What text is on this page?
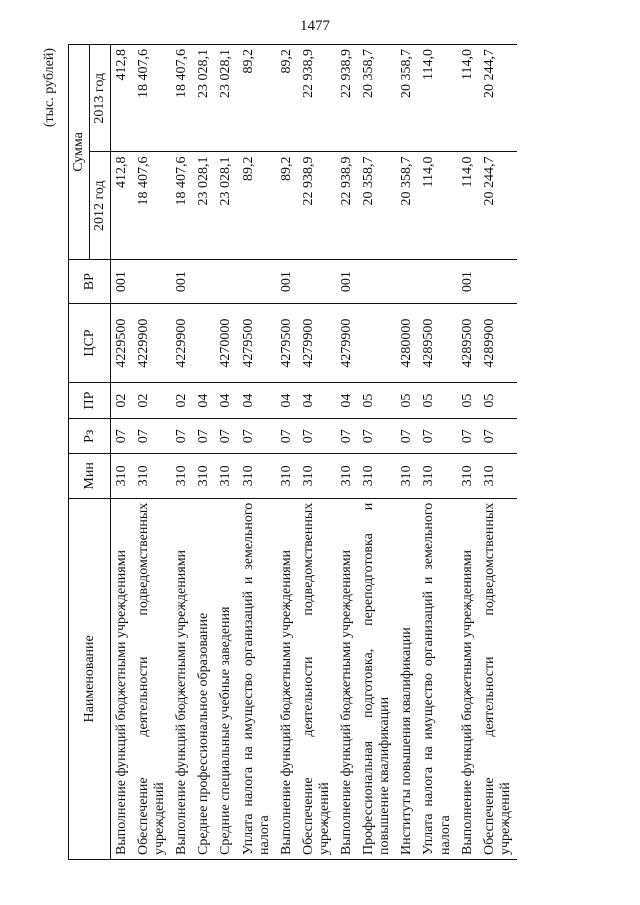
1477
(тыс. рублей)
Наименование	Мин	Рз	ПР	ЦСР	ВР	Сумма	
						2012 год	2013 год
Выполнение функций бюджетными учреждениями	310	07	02	4229500	001	412,8	412,8
Обеспечение деятельности подведомственных учреждений	310	07	02	4229900		18 407,6	18 407,6
Выполнение функций бюджетными учреждениями	310	07	02	4229900	001	18 407,6	18 407,6
Среднее профессиональное образование	310	07	04			23 028,1	23 028,1
Средние специальные учебные заведения	310	07	04	4270000		23 028,1	23 028,1
Уплата налога на имущество организаций и земельного налога	310	07	04	4279500		89,2	89,2
Выполнение функций бюджетными учреждениями	310	07	04	4279500	001	89,2	89,2
Обеспечение деятельности подведомственных учреждений	310	07	04	4279900		22 938,9	22 938,9
Выполнение функций бюджетными учреждениями	310	07	04	4279900	001	22 938,9	22 938,9
Профессиональная подготовка, переподготовка и повышение квалификации	310	07	05			20 358,7	20 358,7
Институты повышения квалификации	310	07	05	4280000		20 358,7	20 358,7
Уплата налога на имущество организаций и земельного налога	310	07	05	4289500		114,0	114,0
Выполнение функций бюджетными учреждениями	310	07	05	4289500	001	114,0	114,0
Обеспечение деятельности подведомственных учреждений	310	07	05	4289900		20 244,7	20 244,7
